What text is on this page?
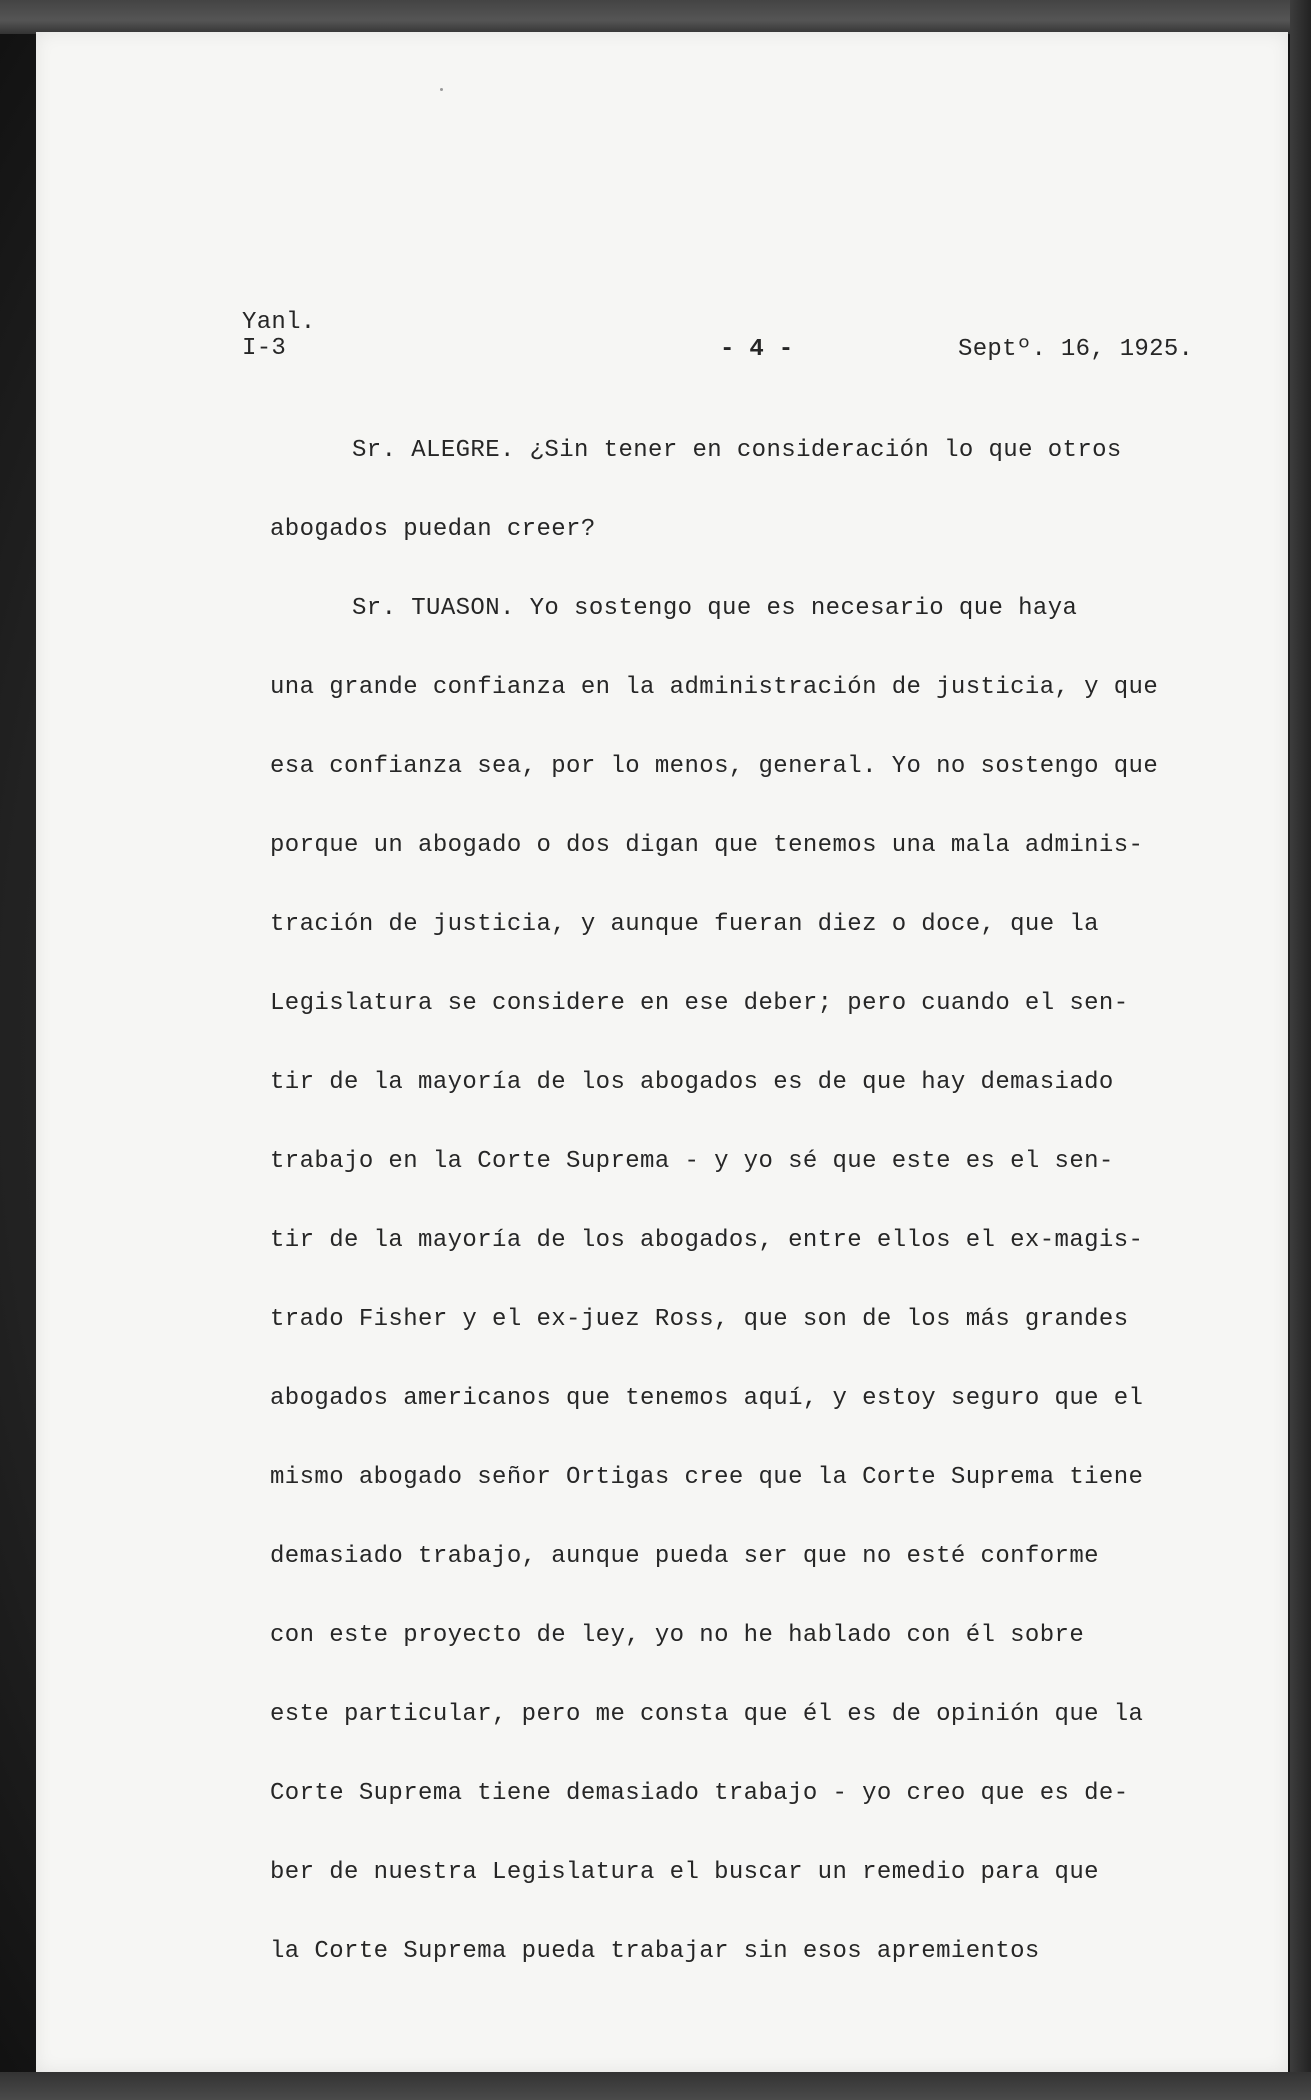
Yanl.
I-3	- 4 -	Septº. 16, 1925.
Sr. ALEGRE. ¿Sin tener en consideración lo que otros
abogados puedan creer?
Sr. TUASON. Yo sostengo que es necesario que haya
una grande confianza en la administración de justicia, y que
esa confianza sea, por lo menos, general. Yo no sostengo que
porque un abogado o dos digan que tenemos una mala adminis-
tración de justicia, y aunque fueran diez o doce, que la
Legislatura se considere en ese deber; pero cuando el sen-
tir de la mayoría de los abogados es de que hay demasiado
trabajo en la Corte Suprema - y yo sé que este es el sen-
tir de la mayoría de los abogados, entre ellos el ex-magis-
trado Fisher y el ex-juez Ross, que son de los más grandes
abogados americanos que tenemos aquí, y estoy seguro que el
mismo abogado señor Ortigas cree que la Corte Suprema tiene
demasiado trabajo, aunque pueda ser que no esté conforme
con este proyecto de ley, yo no he hablado con él sobre
este particular, pero me consta que él es de opinión que la
Corte Suprema tiene demasiado trabajo - yo creo que es de-
ber de nuestra Legislatura el buscar un remedio para que
la Corte Suprema pueda trabajar sin esos apremientos
